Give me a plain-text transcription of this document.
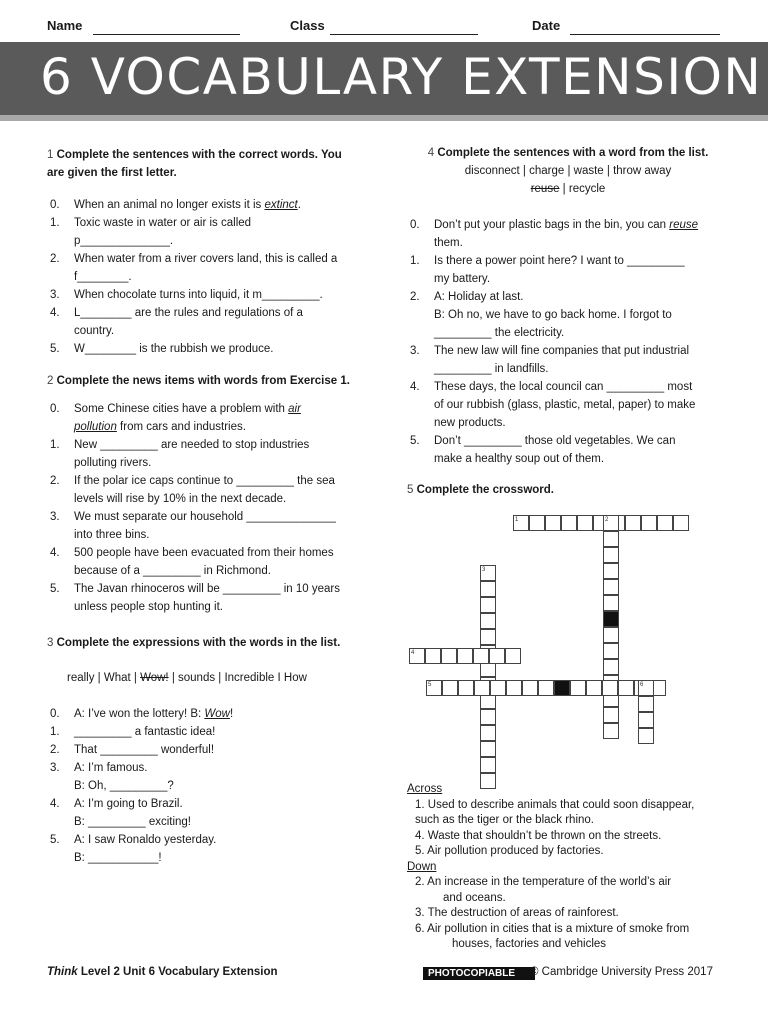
Name	Class	Date
6 VOCABULARY EXTENSION

1 Complete the sentences with the correct words. You
are given the first letter.

0. When an animal no longer exists it is extinct.
1. Toxic waste in water or air is called
p______________.
2. When water from a river covers land, this is called a
f________.
3. When chocolate turns into liquid, it m_________.
4. L________ are the rules and regulations of a
country.
5. W________ is the rubbish we produce.

2 Complete the news items with words from Exercise 1.

0. Some Chinese cities have a problem with air
pollution from cars and industries.
1. New _________ are needed to stop industries
polluting rivers.
2. If the polar ice caps continue to _________ the sea
levels will rise by 10% in the next decade.
3. We must separate our household ______________
into three bins.
4. 500 people have been evacuated from their homes
because of a _________ in Richmond.
5. The Javan rhinoceros will be _________ in 10 years
unless people stop hunting it.

3 Complete the expressions with the words in the list.

really | What | Wow! | sounds | Incredible I How

0. A: I’ve won the lottery! B: Wow!
1. _________ a fantastic idea!
2. That _________ wonderful!
3. A: I’m famous.
B: Oh, _________?
4. A: I’m going to Brazil.
B: _________ exciting!
5. A: I saw Ronaldo yesterday.
B: ___________!

4 Complete the sentences with a word from the list.

disconnect | charge | waste | throw away
reuse | recycle

0. Don’t put your plastic bags in the bin, you can reuse
them.
1. Is there a power point here? I want to _________
my battery.
2. A: Holiday at last.
B: Oh no, we have to go back home. I forgot to
_________ the electricity.
3. The new law will fine companies that put industrial
_________ in landfills.
4. These days, the local council can _________ most
of our rubbish (glass, plastic, metal, paper) to make
new products.
5. Don’t _________ those old vegetables. We can
make a healthy soup out of them.

5 Complete the crossword.

1	2
3
4
5	6

Across

1. Used to describe animals that could soon disappear,

such as the tiger or the black rhino.

4. Waste that shouldn’t be thrown on the streets.

5. Air pollution produced by factories.

Down

2. An increase in the temperature of the world’s air

and oceans.

3. The destruction of areas of rainforest.

6. Air pollution in cities that is a mixture of smoke from

houses, factories and vehicles

Think Level 2 Unit 6 Vocabulary Extension	PHOTOCOPIABLE	© Cambridge University Press 2017
